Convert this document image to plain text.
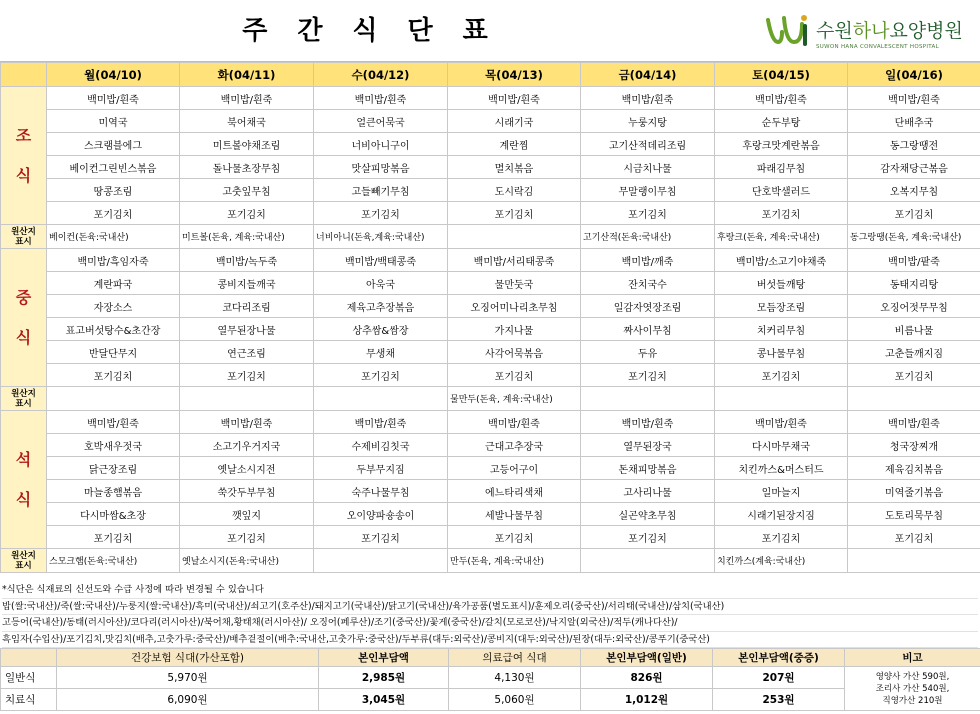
주간식단표	수원하나요양병원
SUWON HANA CONVALESCENT HOSPITAL
	월(04/10)	화(04/11)	수(04/12)	목(04/13)	금(04/14)	토(04/15)	일(04/16)

조
식	백미밥/흰죽	백미밥/흰죽	백미밥/흰죽	백미밥/흰죽	백미밥/흰죽	백미밥/흰죽	백미밥/흰죽
	미역국	북어채국	얼큰어묵국	시래기국	누룽지탕	순두부탕	단배추국
	스크램블에그	미트볼야채조림	너비아니구이	계란찜	고기산적데리조림	후랑크맛계란볶음	동그랑땡전
	베이컨그린빈스볶음	돌나물초장무침	맛살피망볶음	멸치볶음	시금치나물	파래김무침	감자채당근볶음
	땅콩조림	고춧잎무침	고들빼기무침	도시락김	무말랭이무침	단호박샐러드	오복지무침
	포기김치	포기김치	포기김치	포기김치	포기김치	포기김치	포기김치

원산지
표시	베이컨(돈육:국내산)	미트볼(돈육, 계육:국내산)	너비아니(돈육,계육:국내산)		고기산적(돈육:국내산)	후랑크(돈육, 계육:국내산)	동그랑땡(돈육, 계육:국내산)

중
식	백미밥/흑임자죽	백미밥/녹두죽	백미밥/백태콩죽	백미밥/서리태콩죽	백미밥/깨죽	백미밥/소고기야채죽	백미밥/팥죽
	계란파국	콩비지들깨국	아욱국	물만둣국	잔치국수	버섯들깨탕	동태지리탕
	자장소스	코다리조림	제육고추장볶음	오징어미나리초무침	일감자엿장조림	모듬장조림	오징어젓무무침
	표고버섯탕수&초간장	열무된장나물	상추쌈&쌈장	가지나물	짜사이무침	치커리무침	비름나물
	반달단무지	연근조림	무생채	사각어묵볶음	두유	콩나물무침	고춘들깨지짐
	포기김치	포기김치	포기김치	포기김치	포기김치	포기김치	포기김치

원산지
표시				물만두(돈육, 계육:국내산)			

석
식	백미밥/흰죽	백미밥/흰죽	백미밥/흰죽	백미밥/흰죽	백미밥/흰죽	백미밥/흰죽	백미밥/흰죽
	호박새우젓국	소고기우거지국	수제비김칫국	근대고추장국	열무된장국	다시마무채국	청국장찌개
	닭근장조림	옛날소시지전	두부무지짐	고등어구이	돈채피망볶음	치킨까스&머스터드	제육김치볶음
	마늘종햄볶음	쑥갓두부무침	숙주나물무침	에느타리색채	고사리나물	일마늘지	미역줄기볶음
	다시마쌈&초장	깻잎지	오이양파숑송이	세발나물무침	실곤약초무침	시래기된장지짐	도토리묵무침
	포기김치	포기김치	포기김치	포기김치	포기김치	포기김치	포기김치

원산지
표시	스모크햄(돈육:국내산)	옛날소시지(돈육:국내산)		만두(돈육, 계육:국내산)		치킨까스(계육:국내산)	
*식단은 식재료의 신선도와 수급 사정에 따라 변경될 수 있습니다
밥(쌀:국내산)/죽(쌀:국내산)/누룽지(쌀:국내산)/흑미(국내산)/쇠고기(호주산)/돼지고기(국내산)/닭고기(국내산)/육가공품(별도표시)/훈제오리(중국산)/서리태(국내산)/삼치(국내산)
고등어(국내산)/동태(러시아산)/코다리(러시아산)/북어채,황태채(러시아산)/ 오징어(페루산)/조기(중국산)/꽃게(중국산)/갈치(모로코산)/낙지알(외국산)/적두(캐나다산)/
흑임자(수입산)/포기김치,맛김치(배추,고춧가루:중국산)/배추겉절이(배추:국내산,고춧가루:중국산)/두부류(대두:외국산)/콩비지(대두:외국산)/된장(대두:외국산)/콩푸기(중국산)
	건강보험 식대(가산포함)	본인부담액	의료급여 식대	본인부담액(일반)	본인부담액(중증)	비고
일반식	5,970원	2,985원	4,130원	826원	207원	영양사 가산 590원,
조리사 가산 540원,
직영가산 210원

치료식	6,090원	3,045원	5,060원	1,012원	253원	
